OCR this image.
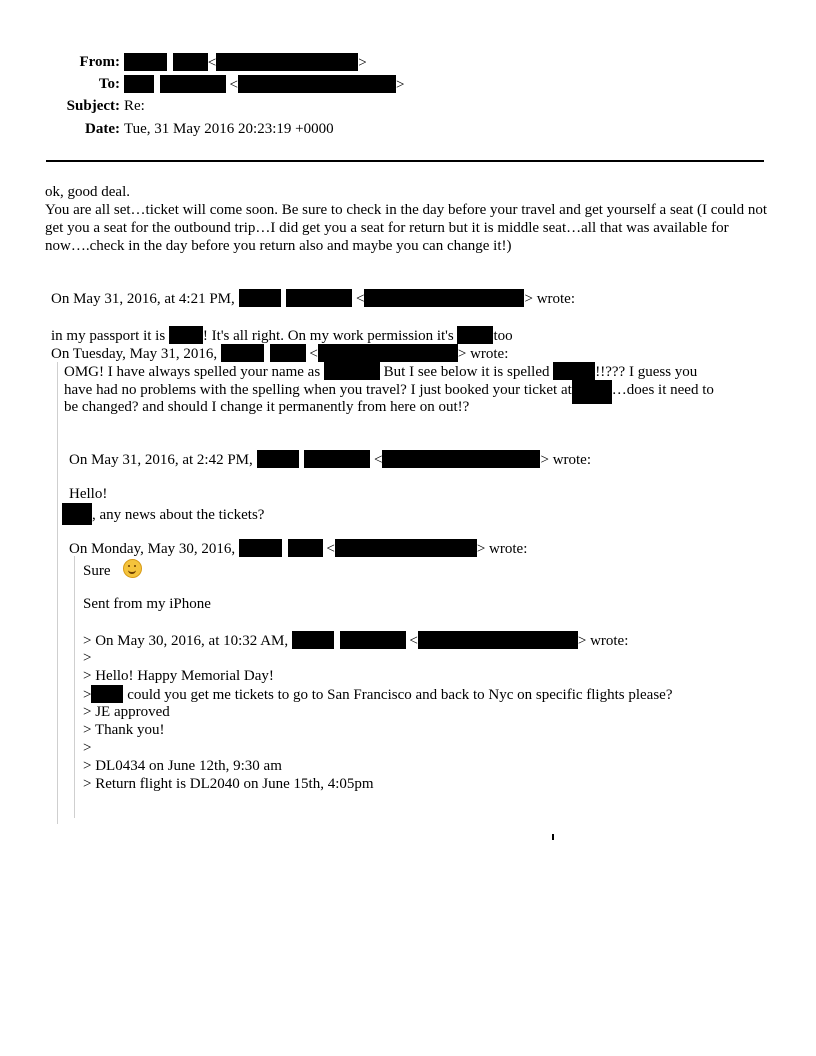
From:	<	>
To:	<	>
Subject: Re:
Date: Tue, 31 May 2016 20:23:19 +0000
ok, good deal.
You are all set…ticket will come soon. Be sure to check in the day before your travel and get yourself a seat (I could not get you a seat for the outbound trip…I did get you a seat for return but it is middle seat…all that was available for now….check in the day before you return also and maybe you can change it!)
On May 31, 2016, at 4:21 PM,	<	> wrote:
in my passport it is	! It's all right. On my work permission it's	too
On Tuesday, May 31, 2016,	<	> wrote:
OMG! I have always spelled your name as	But I see below it is spelled	!!??? I guess you
have had no problems with the spelling when you travel? I just booked your ticket at	…does it need to
be changed? and should I change it permanently from here on out!?
On May 31, 2016, at 2:42 PM,	<	> wrote:
Hello!
, any news about the tickets?
On Monday, May 30, 2016,	<	> wrote:
Sure
Sent from my iPhone
> On May 30, 2016, at 10:32 AM,	<	> wrote:
>
> Hello! Happy Memorial Day!
> could you get me tickets to go to San Francisco and back to Nyc on specific flights please?
> JE approved
> Thank you!
>
> DL0434 on June 12th, 9:30 am
> Return flight is DL2040 on June 15th, 4:05pm
